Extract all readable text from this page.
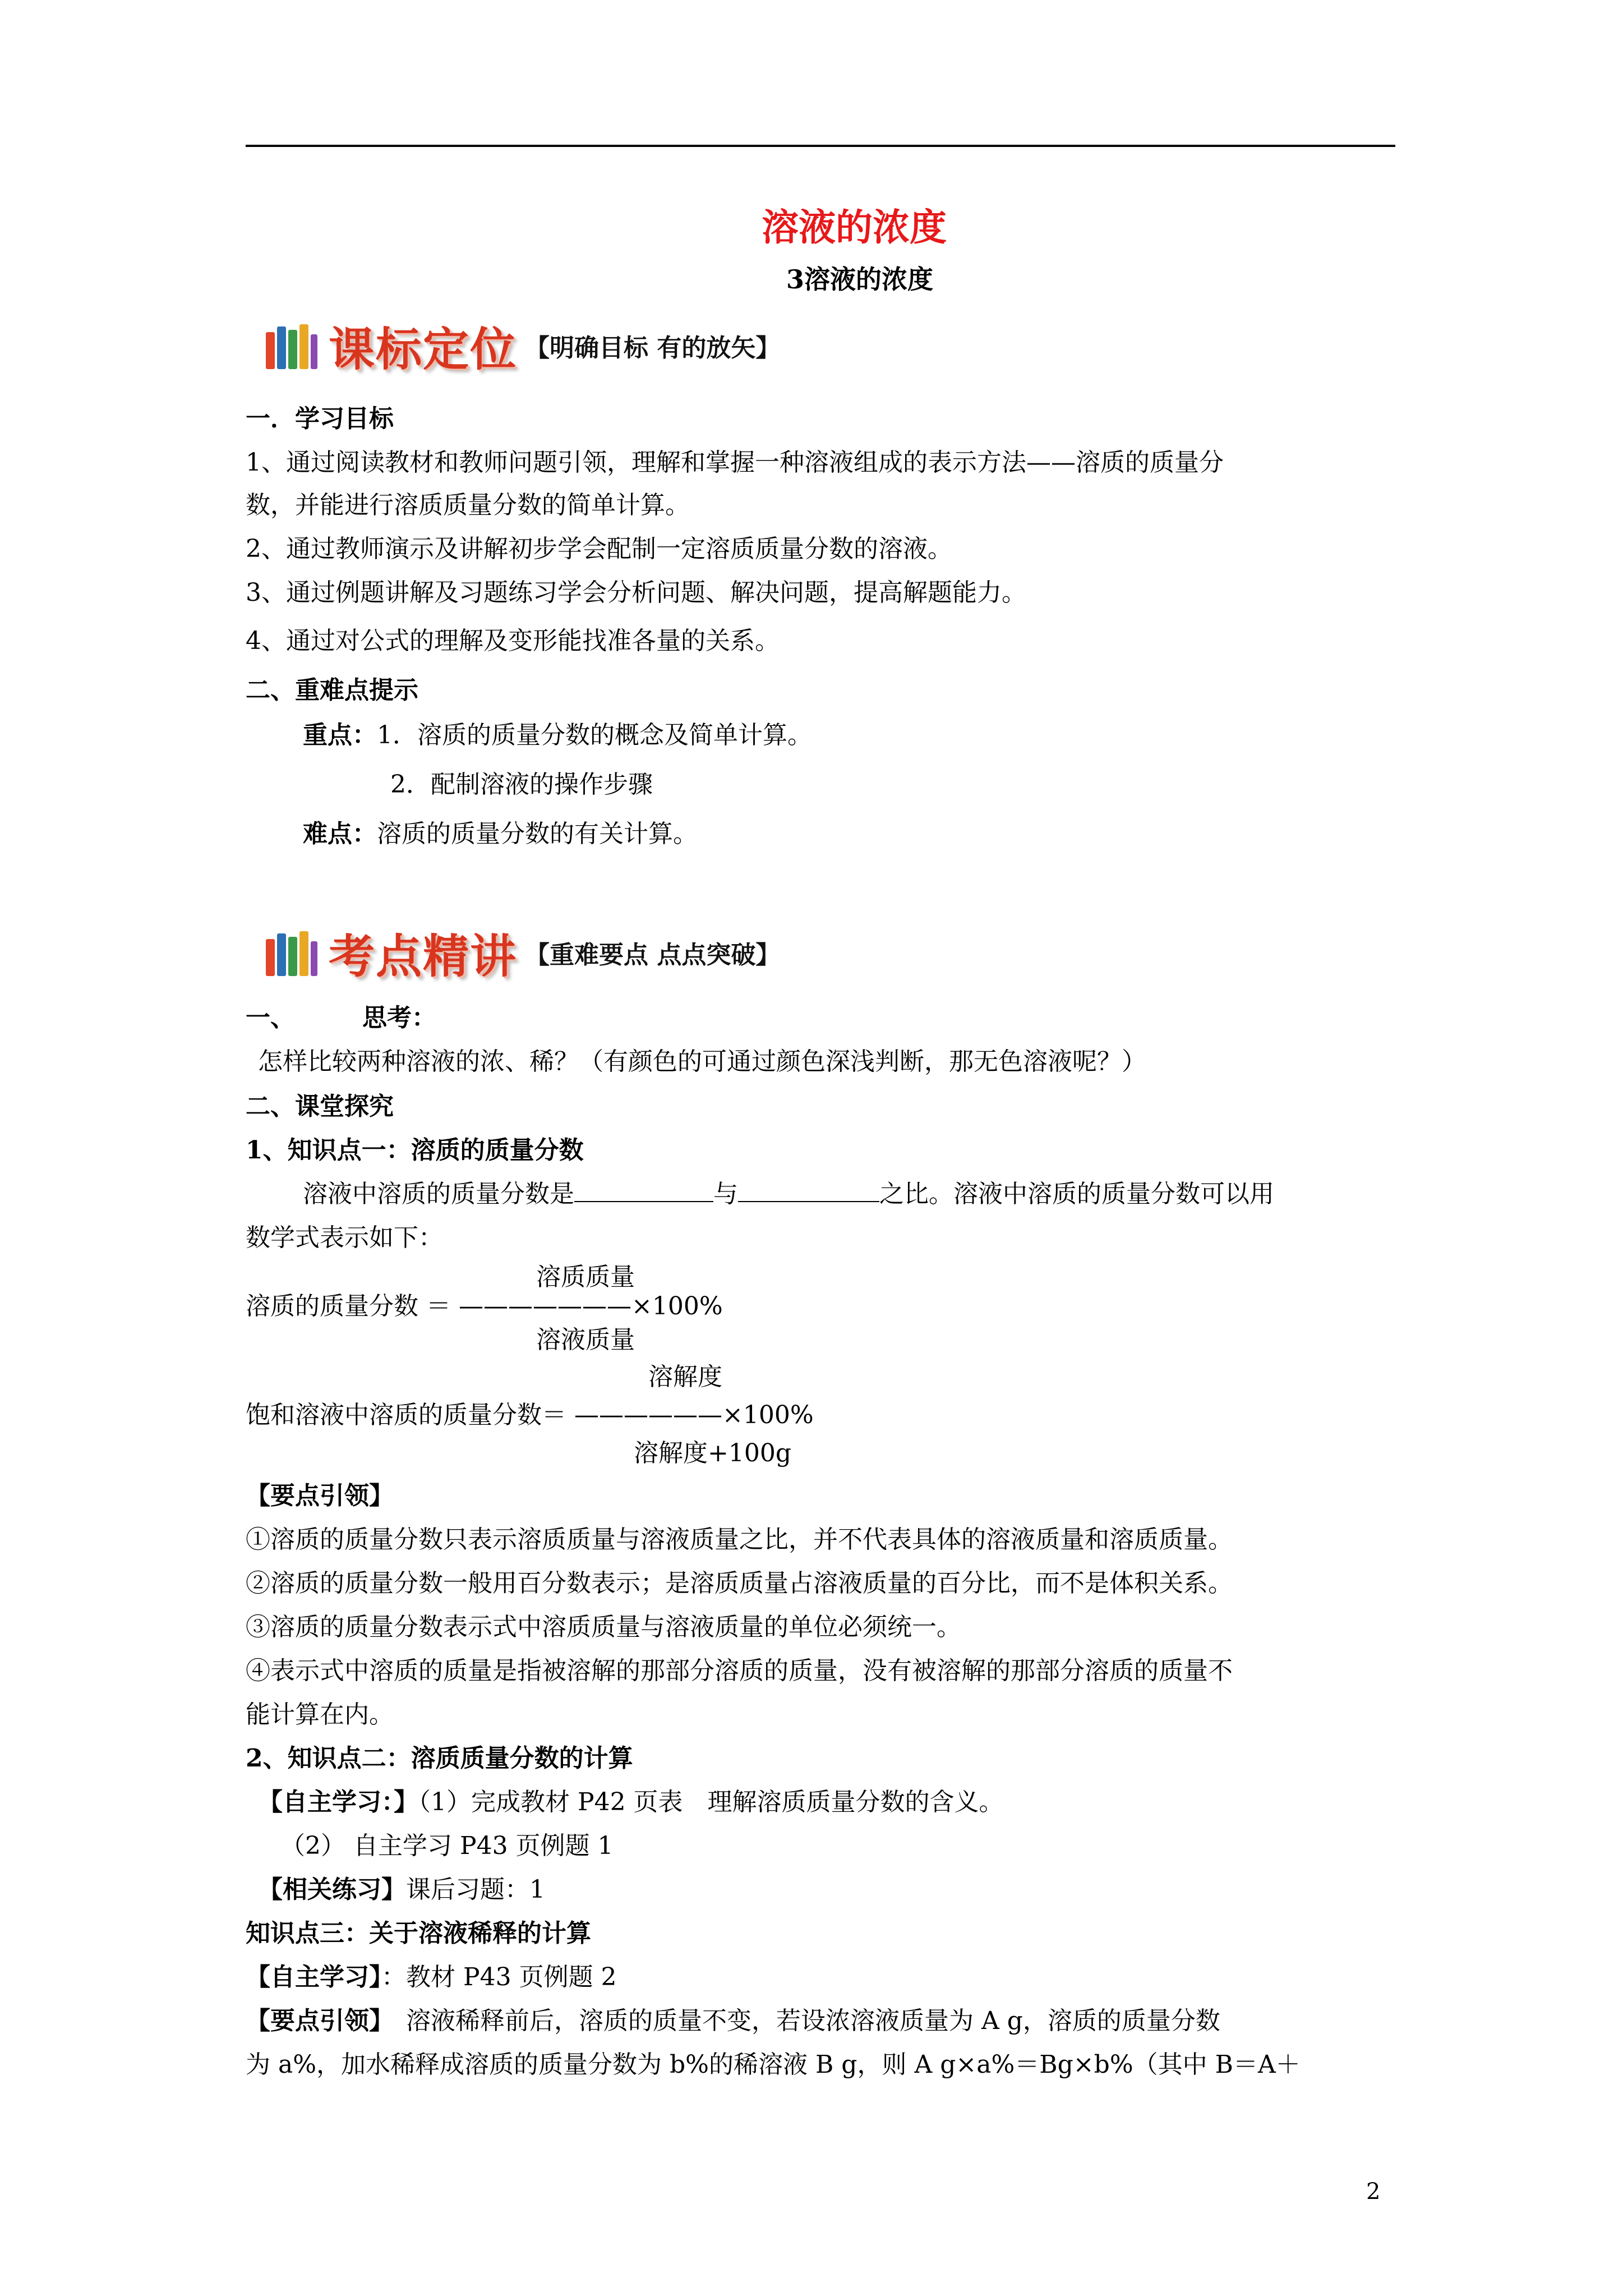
溶液的浓度
3溶液的浓度
课标定位 【明确目标 有的放矢】
一．学习目标
1、通过阅读教材和教师问题引领，理解和掌握一种溶液组成的表示方法——溶质的质量分
数，并能进行溶质质量分数的简单计算。
2、通过教师演示及讲解初步学会配制一定溶质质量分数的溶液。
3、通过例题讲解及习题练习学会分析问题、解决问题，提高解题能力。
4、通过对公式的理解及变形能找准各量的关系。
二、重难点提示
重点：1．溶质的质量分数的概念及简单计算。
2．配制溶液的操作步骤
难点：溶质的质量分数的有关计算。
考点精讲 【重难要点 点点突破】
一、	思考：
怎样比较两种溶液的浓、稀？（有颜色的可通过颜色深浅判断，那无色溶液呢？）
二、课堂探究
1、知识点一：溶质的质量分数
溶液中溶质的质量分数是	与	之比。溶液中溶质的质量分数可以用
数学式表示如下：
溶质质量
溶质的质量分数 ＝ ———————×100%
溶液质量
溶解度
饱和溶液中溶质的质量分数＝ ——————×100%
溶解度+100g
【要点引领】
①溶质的质量分数只表示溶质质量与溶液质量之比，并不代表具体的溶液质量和溶质质量。
②溶质的质量分数一般用百分数表示；是溶质质量占溶液质量的百分比，而不是体积关系。
③溶质的质量分数表示式中溶质质量与溶液质量的单位必须统一。
④表示式中溶质的质量是指被溶解的那部分溶质的质量，没有被溶解的那部分溶质的质量不
能计算在内。
2、知识点二：溶质质量分数的计算
【自主学习：】（1）完成教材 P42 页表　理解溶质质量分数的含义。
（2） 自主学习 P43 页例题 1
【相关练习】课后习题：1
知识点三：关于溶液稀释的计算
【自主学习】：教材 P43 页例题 2
【要点引领】　溶液稀释前后，溶质的质量不变，若设浓溶液质量为 A g，溶质的质量分数
为 a%，加水稀释成溶质的质量分数为 b%的稀溶液 B g，则 A g×a%＝Bg×b%（其中 B＝A＋
2
